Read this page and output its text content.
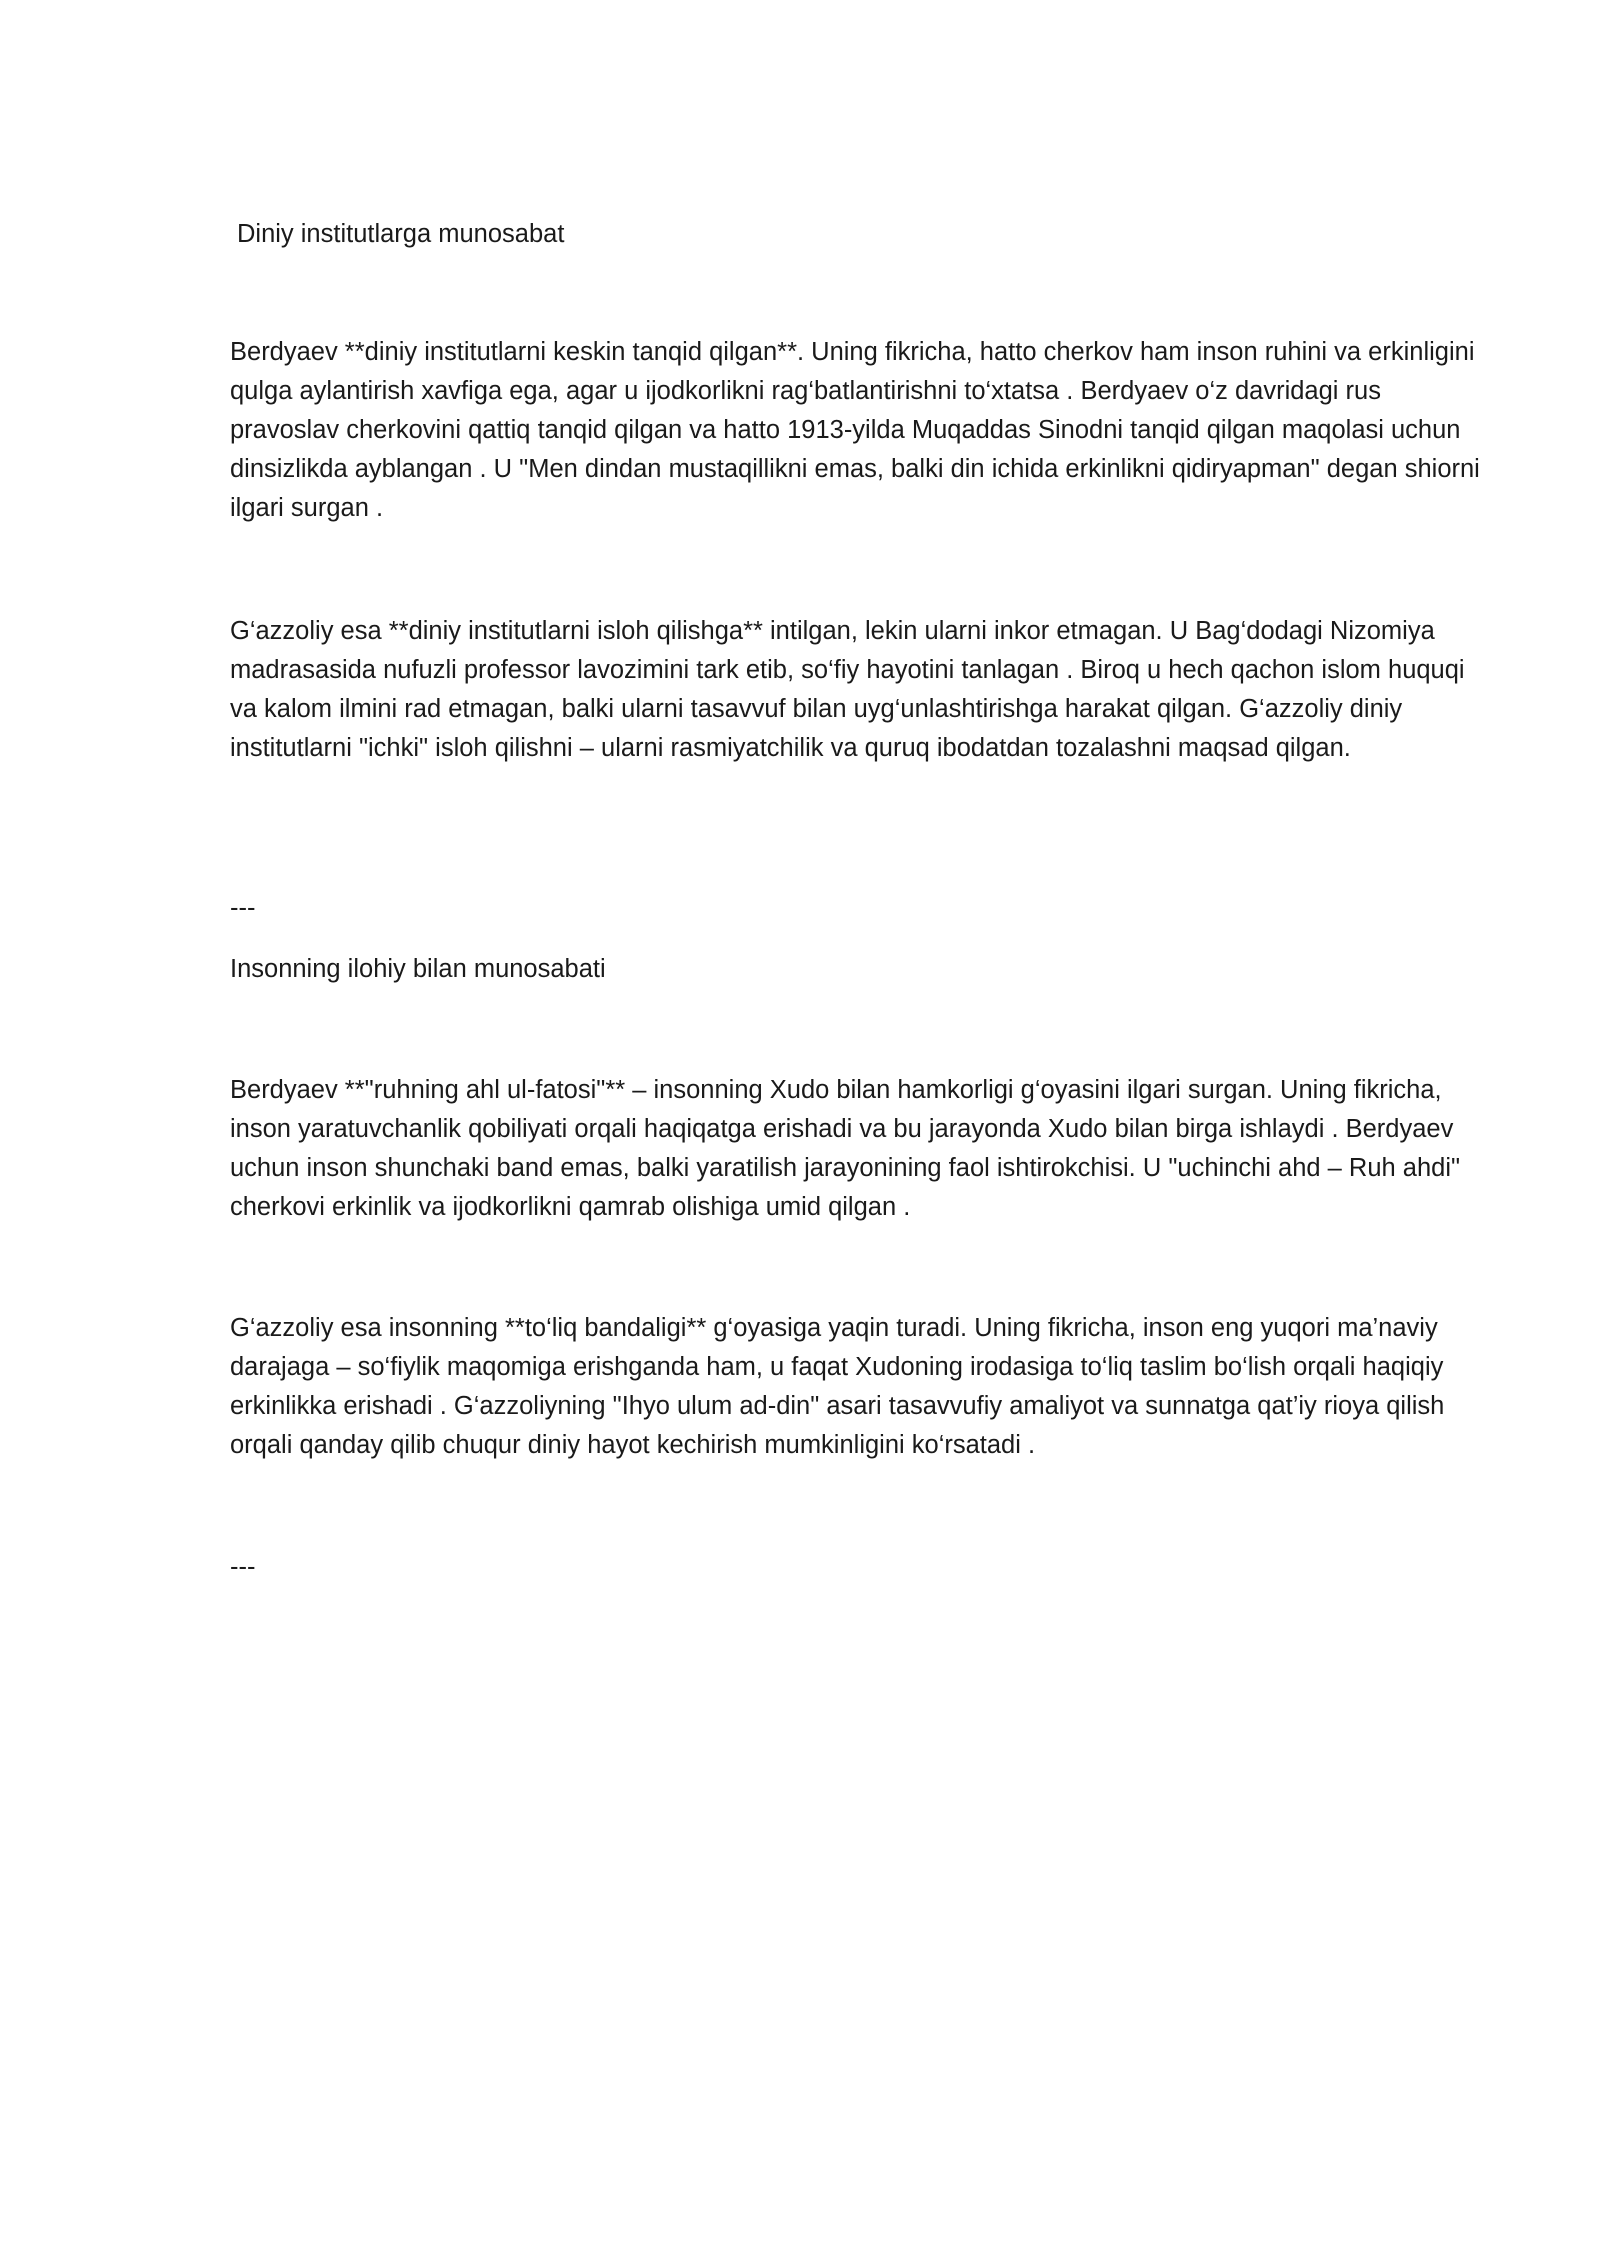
Diniy institutlarga munosabat

Berdyaev **diniy institutlarni keskin tanqid qilgan**. Uning fikricha, hatto cherkov ham inson ruhini va erkinligini qulga aylantirish xavfiga ega, agar u ijodkorlikni rag‘batlantirishni to‘xtatsa . Berdyaev o‘z davridagi rus pravoslav cherkovini qattiq tanqid qilgan va hatto 1913-yilda Muqaddas Sinodni tanqid qilgan maqolasi uchun dinsizlikda ayblangan . U "Men dindan mustaqillikni emas, balki din ichida erkinlikni qidiryapman" degan shiorni ilgari surgan .

G‘azzoliy esa **diniy institutlarni isloh qilishga** intilgan, lekin ularni inkor etmagan. U Bag‘dodagi Nizomiya madrasasida nufuzli professor lavozimini tark etib, so‘fiy hayotini tanlagan . Biroq u hech qachon islom huquqi va kalom ilmini rad etmagan, balki ularni tasavvuf bilan uyg‘unlashtirishga harakat qilgan. G‘azzoliy diniy institutlarni "ichki" isloh qilishni – ularni rasmiyatchilik va quruq ibodatdan tozalashni maqsad qilgan.

---
Insonning ilohiy bilan munosabati

Berdyaev **"ruhning ahl ul-fatosi"** – insonning Xudo bilan hamkorligi g‘oyasini ilgari surgan. Uning fikricha, inson yaratuvchanlik qobiliyati orqali haqiqatga erishadi va bu jarayonda Xudo bilan birga ishlaydi . Berdyaev uchun inson shunchaki band emas, balki yaratilish jarayonining faol ishtirokchisi. U "uchinchi ahd – Ruh ahdi" cherkovi erkinlik va ijodkorlikni qamrab olishiga umid qilgan .

G‘azzoliy esa insonning **to‘liq bandaligi** g‘oyasiga yaqin turadi. Uning fikricha, inson eng yuqori ma’naviy darajaga – so‘fiylik maqomiga erishganda ham, u faqat Xudoning irodasiga to‘liq taslim bo‘lish orqali haqiqiy erkinlikka erishadi . G‘azzoliyning "Ihyo ulum ad-din" asari tasavvufiy amaliyot va sunnatga qat’iy rioya qilish orqali qanday qilib chuqur diniy hayot kechirish mumkinligini ko‘rsatadi .

---
